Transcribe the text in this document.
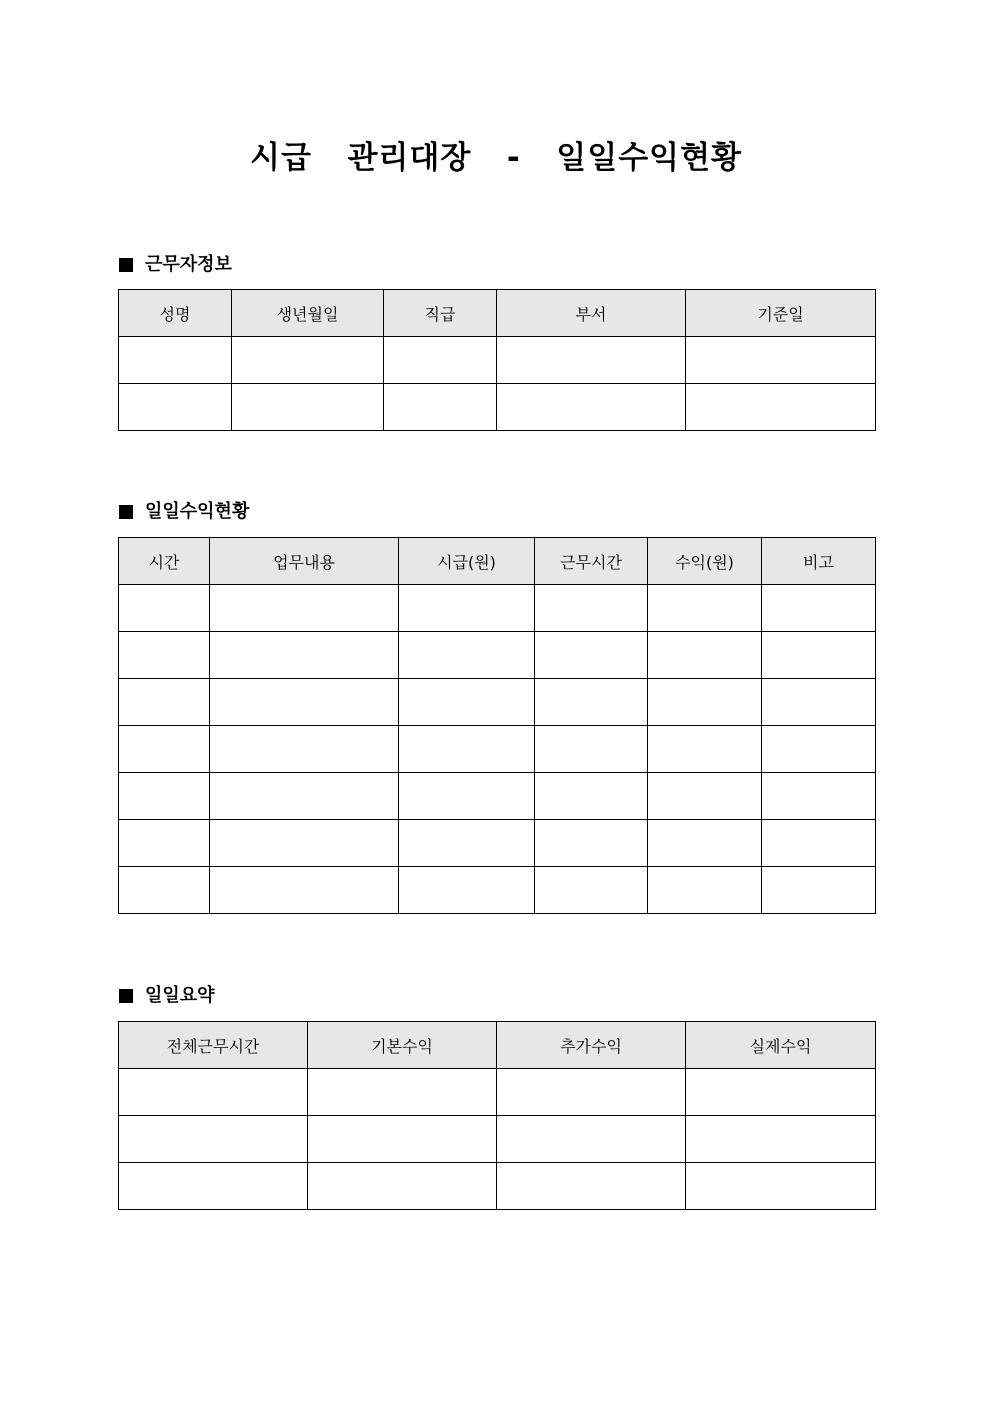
시급  관리대장  -  일일수익현황
근무자정보
성명	생년월일	직급	부서	기준일

일일수익현황
시간	업무내용	시급(원)	근무시간	수익(원)	비고

일일요약
전체근무시간	기본수익	추가수익	실제수익
